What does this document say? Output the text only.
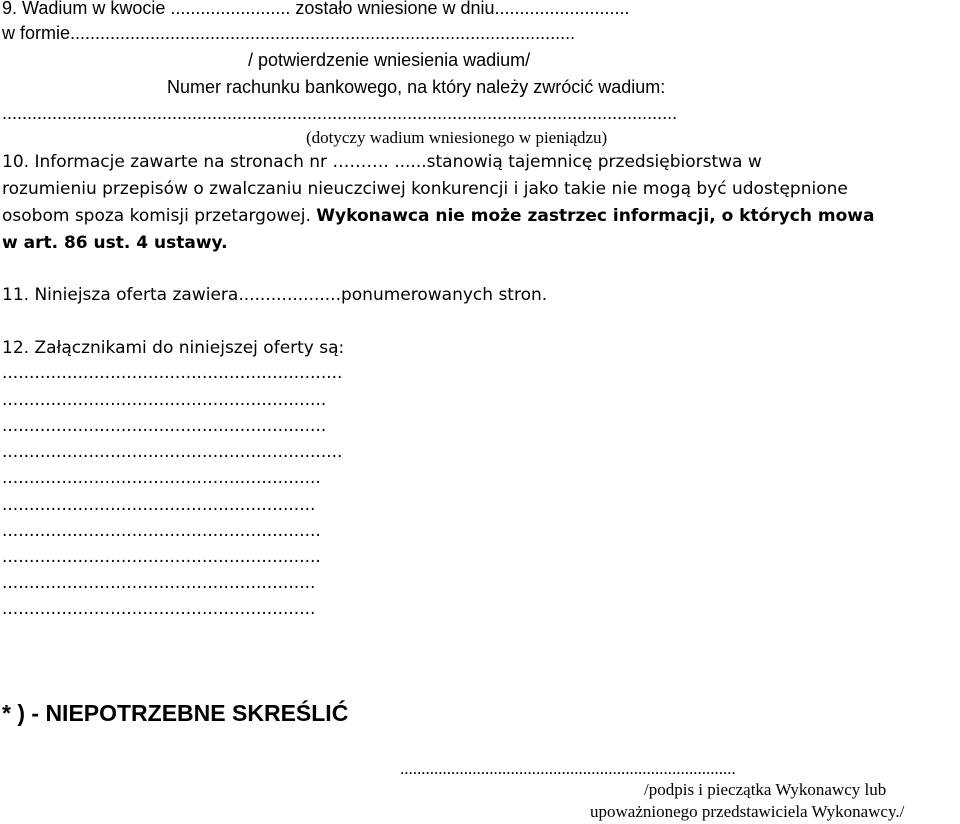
9. Wadium w kwocie ........................ zostało wniesione w dniu...........................
w formie.....................................................................................................
/ potwierdzenie wniesienia wadium/
Numer rachunku bankowego, na który należy zwrócić wadium:
.......................................................................................................................................
(dotyczy wadium wniesionego w pieniądzu)
10. Informacje zawarte na stronach nr ………. ......stanowią tajemnicę przedsiębiorstwa w
rozumieniu przepisów o zwalczaniu nieuczciwej konkurencji i jako takie nie mogą być udostępnione
osobom spoza komisji przetargowej. Wykonawca nie może zastrzec informacji, o których mowa
w art. 86 ust. 4 ustawy.
11. Niniejsza oferta zawiera...................ponumerowanych stron.
12. Załącznikami do niniejszej oferty są:
...............................................................
............................................................
............................................................
...............................................................
...........................................................
..........................................................
...........................................................
...........................................................
..........................................................
..........................................................
* ) - NIEPOTRZEBNE SKREŚLIĆ
...............................................................................
/podpis i pieczątka Wykonawcy lub
upoważnionego przedstawiciela Wykonawcy./
